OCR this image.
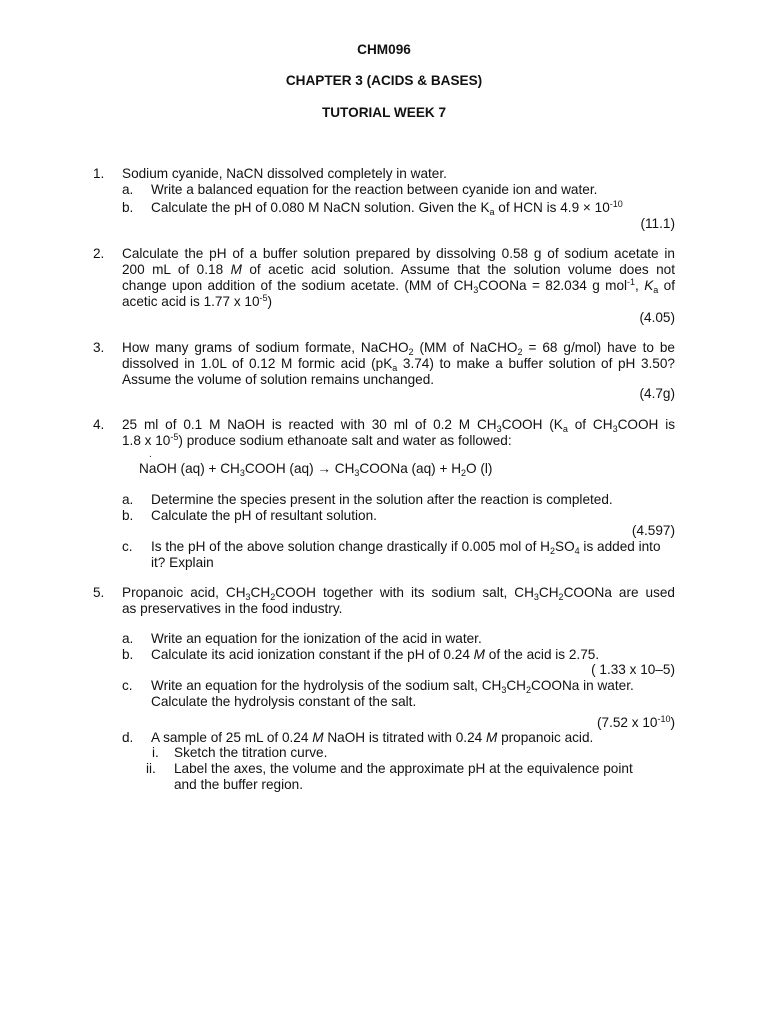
CHM096
CHAPTER 3 (ACIDS & BASES)
TUTORIAL WEEK 7
1. Sodium cyanide, NaCN dissolved completely in water.
a. Write a balanced equation for the reaction between cyanide ion and water.
b. Calculate the pH of 0.080 M NaCN solution. Given the $K_a$ of HCN is $4.9 \times 10^{-10}$
(11.1)
2. Calculate the pH of a buffer solution prepared by dissolving 0.58 g of sodium acetate in
200 mL of 0.18 M of acetic acid solution. Assume that the solution volume does not
change upon addition of the sodium acetate. (MM of $CH_3COONa = 82.034$ g mol$^{-1}$, $K_a$ of
acetic acid is 1.77 x $10^{-5}$)
(4.05)
3. How many grams of sodium formate, NaCHO$_2$ (MM of NaCHO$_2$ = 68 g/mol) have to be
dissolved in 1.0L of 0.12 M formic acid ($pK_a$ 3.74) to make a buffer solution of pH 3.50?
Assume the volume of solution remains unchanged.
(4.7g)
4. 25 ml of 0.1 M NaOH is reacted with 30 ml of 0.2 M $CH_3COOH$ ($K_a$ of $CH_3COOH$ is
1.8 x $10^{-5}$) produce sodium ethanoate salt and water as followed:
.
NaOH $(aq) + CH_3COOH$ $(aq) \to CH_3COONa$ $(aq) + H_2O$ (l)
a. Determine the species present in the solution after the reaction is completed.
b. Calculate the pH of resultant solution.
(4.597)
c. Is the pH of the above solution change drastically if 0.005 mol of $H_2SO_4$ is added into
it? Explain
5. Propanoic acid, $CH_3CH_2COOH$ together with its sodium salt, $CH_3CH_2COONa$ are used
as preservatives in the food industry.
a. Write an equation for the ionization of the acid in water.
b. Calculate its acid ionization constant if the pH of 0.24 M of the acid is 2.75.
( 1.33 x 10–5)
c. Write an equation for the hydrolysis of the sodium salt, $CH_3CH_2COONa$ in water.
Calculate the hydrolysis constant of the salt.
(7.52 x $10^{-10}$)
d. A sample of 25 mL of 0.24 M NaOH is titrated with 0.24 M propanoic acid.
i. Sketch the titration curve.
ii. Label the axes, the volume and the approximate pH at the equivalence point
and the buffer region.
